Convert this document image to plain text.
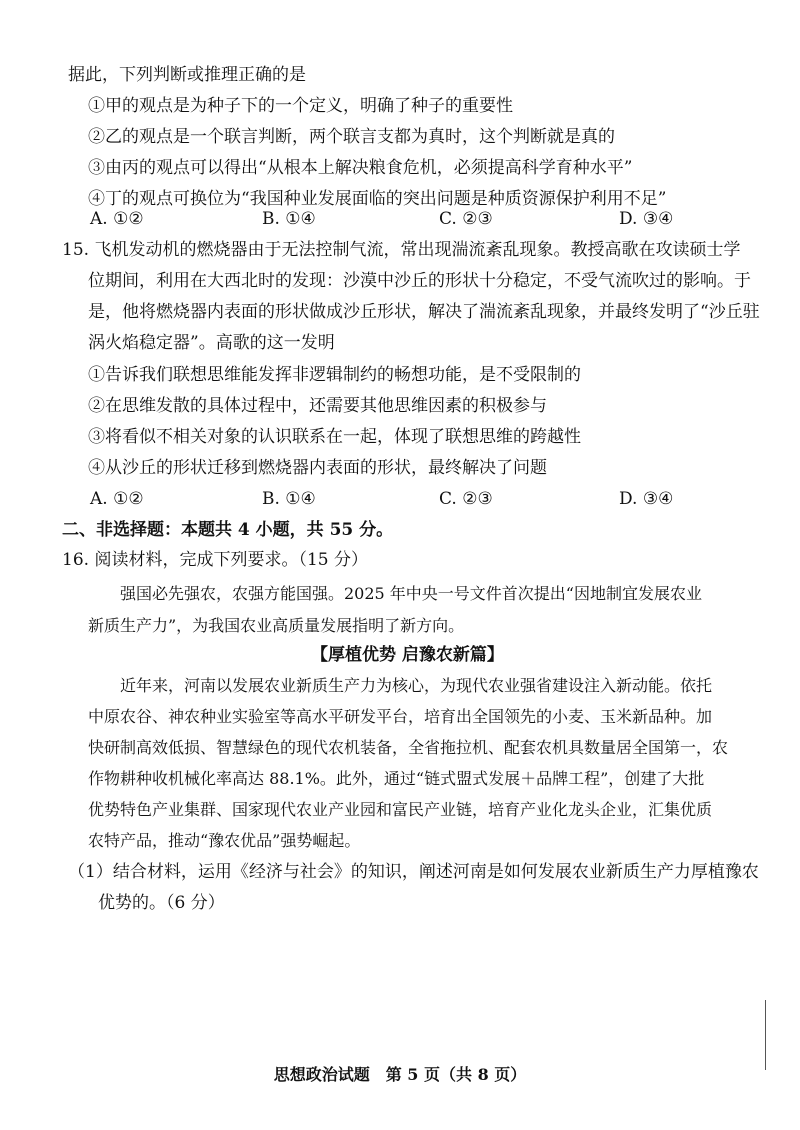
据此，下列判断或推理正确的是
①甲的观点是为种子下的一个定义，明确了种子的重要性
②乙的观点是一个联言判断，两个联言支都为真时，这个判断就是真的
③由丙的观点可以得出“从根本上解决粮食危机，必须提高科学育种水平”
④丁的观点可换位为“我国种业发展面临的突出问题是种质资源保护利用不足”
A. ①②	B. ①④	C. ②③	D. ③④
15. 飞机发动机的燃烧器由于无法控制气流，常出现湍流紊乱现象。教授高歌在攻读硕士学
位期间，利用在大西北时的发现：沙漠中沙丘的形状十分稳定，不受气流吹过的影响。于
是，他将燃烧器内表面的形状做成沙丘形状，解决了湍流紊乱现象，并最终发明了“沙丘驻
涡火焰稳定器”。高歌的这一发明
①告诉我们联想思维能发挥非逻辑制约的畅想功能，是不受限制的
②在思维发散的具体过程中，还需要其他思维因素的积极参与
③将看似不相关对象的认识联系在一起，体现了联想思维的跨越性
④从沙丘的形状迁移到燃烧器内表面的形状，最终解决了问题
A. ①②	B. ①④	C. ②③	D. ③④
二、非选择题：本题共 4 小题，共 55 分。
16. 阅读材料，完成下列要求。（15 分）
强国必先强农，农强方能国强。2025 年中央一号文件首次提出“因地制宜发展农业
新质生产力”，为我国农业高质量发展指明了新方向。
【厚植优势 启豫农新篇】
近年来，河南以发展农业新质生产力为核心，为现代农业强省建设注入新动能。依托
中原农谷、神农种业实验室等高水平研发平台，培育出全国领先的小麦、玉米新品种。加
快研制高效低损、智慧绿色的现代农机装备，全省拖拉机、配套农机具数量居全国第一，农
作物耕种收机械化率高达 88.1%。此外，通过“链式盟式发展＋品牌工程”，创建了大批
优势特色产业集群、国家现代农业产业园和富民产业链，培育产业化龙头企业，汇集优质
农特产品，推动“豫农优品”强势崛起。
（1）结合材料，运用《经济与社会》的知识，阐述河南是如何发展农业新质生产力厚植豫农
优势的。（6 分）
思想政治试题　第 5 页（共 8 页）
